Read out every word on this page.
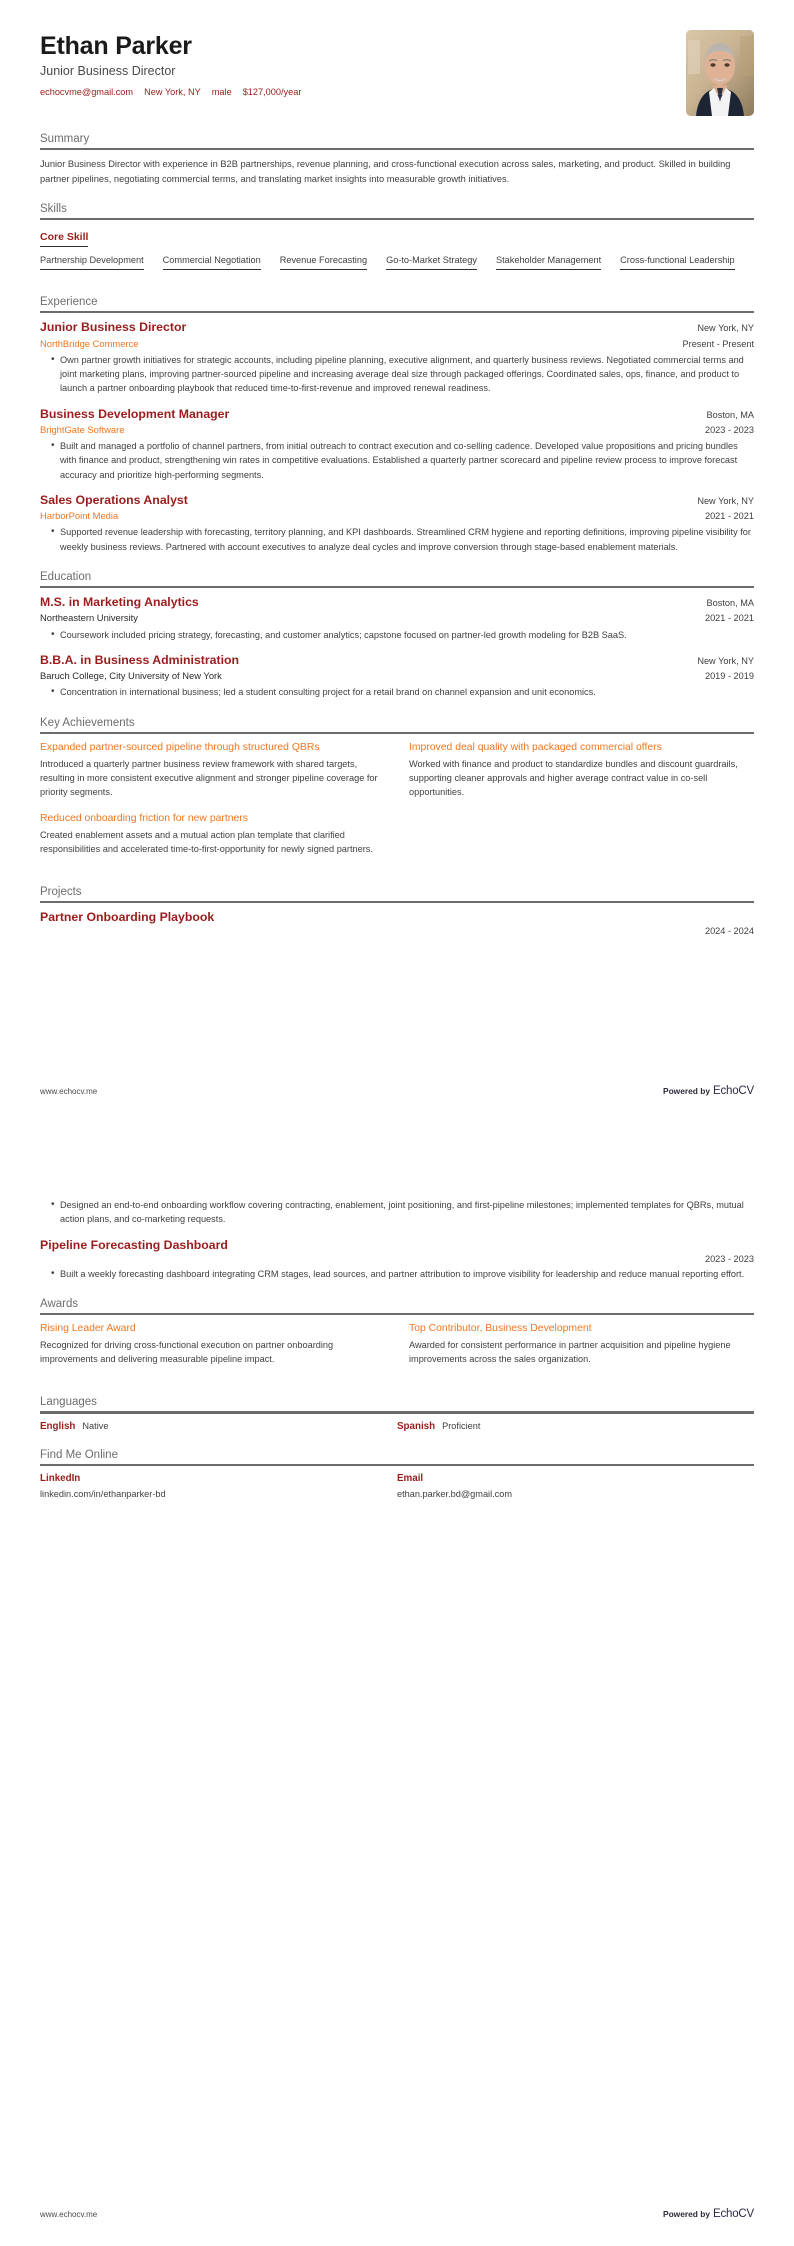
Ethan Parker
Junior Business Director
echocvme@gmail.com New York, NY male $127,000/year
Summary
Junior Business Director with experience in B2B partnerships, revenue planning, and cross-functional execution across sales, marketing, and product. Skilled in building partner pipelines, negotiating commercial terms, and translating market insights into measurable growth initiatives.
Skills
Core Skill
Partnership Development Commercial Negotiation Revenue Forecasting Go-to-Market Strategy Stakeholder Management Cross-functional Leadership
Experience
Junior Business Director	New York, NY
NorthBridge Commerce	Present - Present
• Own partner growth initiatives for strategic accounts, including pipeline planning, executive alignment, and quarterly business reviews. Negotiated commercial terms and joint marketing plans, improving partner-sourced pipeline and increasing average deal size through packaged offerings. Coordinated sales, ops, finance, and product to launch a partner onboarding playbook that reduced time-to-first-revenue and improved renewal readiness.
Business Development Manager	Boston, MA
BrightGate Software	2023 - 2023
• Built and managed a portfolio of channel partners, from initial outreach to contract execution and co-selling cadence. Developed value propositions and pricing bundles with finance and product, strengthening win rates in competitive evaluations. Established a quarterly partner scorecard and pipeline review process to improve forecast accuracy and prioritize high-performing segments.
Sales Operations Analyst	New York, NY
HarborPoint Media	2021 - 2021
• Supported revenue leadership with forecasting, territory planning, and KPI dashboards. Streamlined CRM hygiene and reporting definitions, improving pipeline visibility for weekly business reviews. Partnered with account executives to analyze deal cycles and improve conversion through stage-based enablement materials.
Education
M.S. in Marketing Analytics	Boston, MA
Northeastern University	2021 - 2021
• Coursework included pricing strategy, forecasting, and customer analytics; capstone focused on partner-led growth modeling for B2B SaaS.
B.B.A. in Business Administration	New York, NY
Baruch College, City University of New York	2019 - 2019
• Concentration in international business; led a student consulting project for a retail brand on channel expansion and unit economics.
Key Achievements
Expanded partner-sourced pipeline through structured QBRs
Introduced a quarterly partner business review framework with shared targets, resulting in more consistent executive alignment and stronger pipeline coverage for priority segments.
Reduced onboarding friction for new partners
Created enablement assets and a mutual action plan template that clarified responsibilities and accelerated time-to-first-opportunity for newly signed partners.
Improved deal quality with packaged commercial offers
Worked with finance and product to standardize bundles and discount guardrails, supporting cleaner approvals and higher average contract value in co-sell opportunities.
Projects
Partner Onboarding Playbook
2024 - 2024
www.echocv.me	Powered by EchoCV
• Designed an end-to-end onboarding workflow covering contracting, enablement, joint positioning, and first-pipeline milestones; implemented templates for QBRs, mutual action plans, and co-marketing requests.
Pipeline Forecasting Dashboard
2023 - 2023
• Built a weekly forecasting dashboard integrating CRM stages, lead sources, and partner attribution to improve visibility for leadership and reduce manual reporting effort.
Awards
Rising Leader Award
Recognized for driving cross-functional execution on partner onboarding improvements and delivering measurable pipeline impact.
Top Contributor, Business Development
Awarded for consistent performance in partner acquisition and pipeline hygiene improvements across the sales organization.
Languages
English Native	Spanish Proficient
Find Me Online
LinkedIn
linkedin.com/in/ethanparker-bd
Email
ethan.parker.bd@gmail.com
www.echocv.me	Powered by EchoCV
